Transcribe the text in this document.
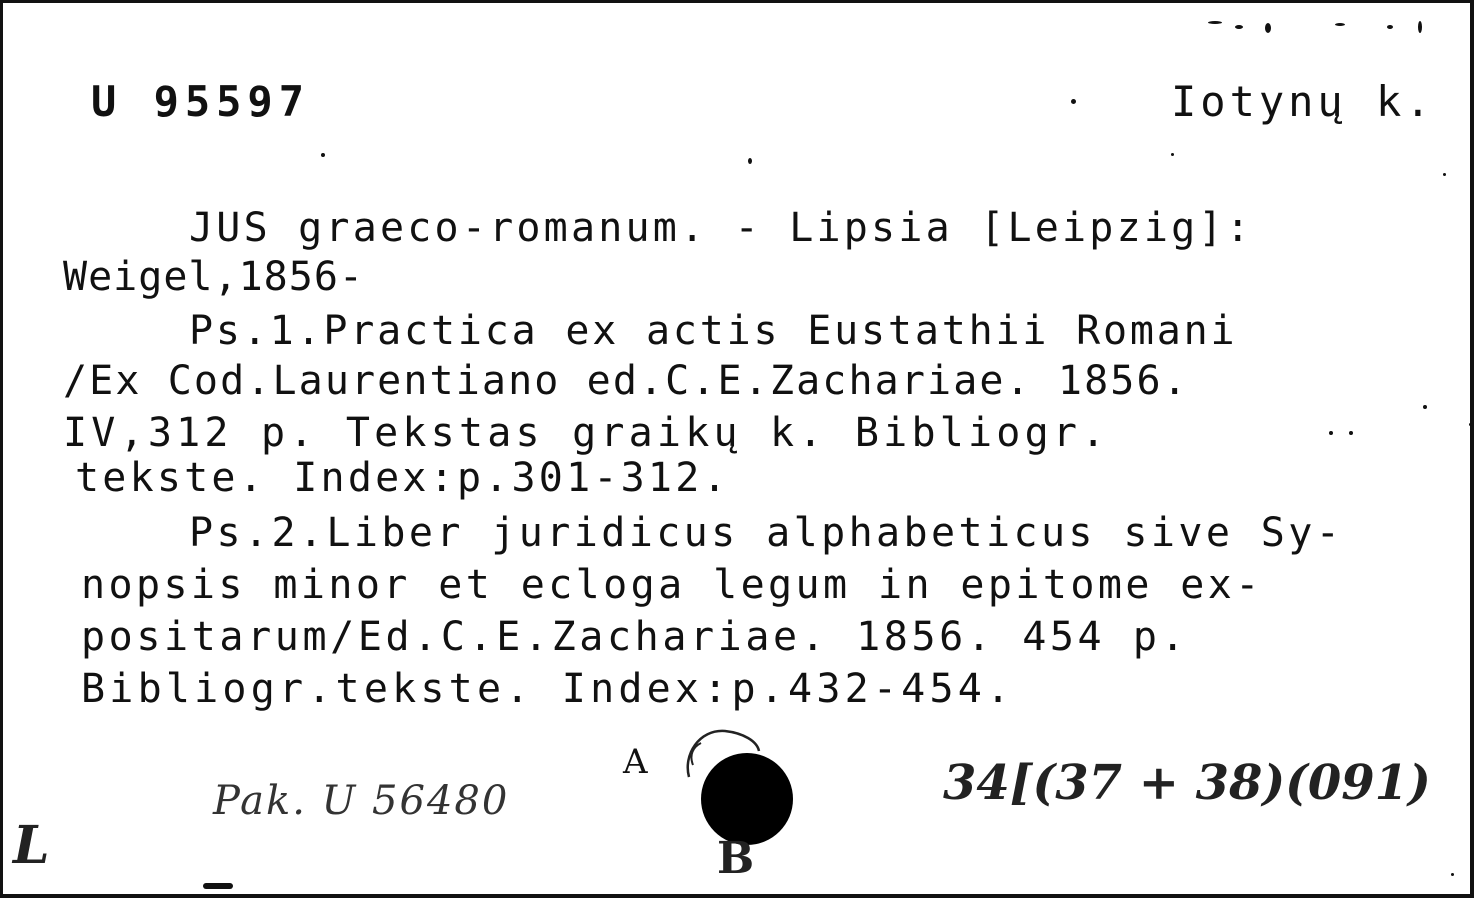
U 95597	Iotynų k.
JUS graeco-romanum. - Lipsia [Leipzig]:
Weigel,1856-
Ps.1.Practica ex actis Eustathii Romani
/Ex Cod.Laurentiano ed.C.E.Zachariae. 1856.
IV,312 p. Tekstas graikų k. Bibliogr.
tekste. Index:p.301-312.
Ps.2.Liber juridicus alphabeticus sive Sy-
nopsis minor et ecloga legum in epitome ex-
positarum/Ed.C.E.Zachariae. 1856. 454 p.
Bibliogr.tekste. Index:p.432-454.
A
B
Pak. U 56480	34[(37 + 38)(091)
L
